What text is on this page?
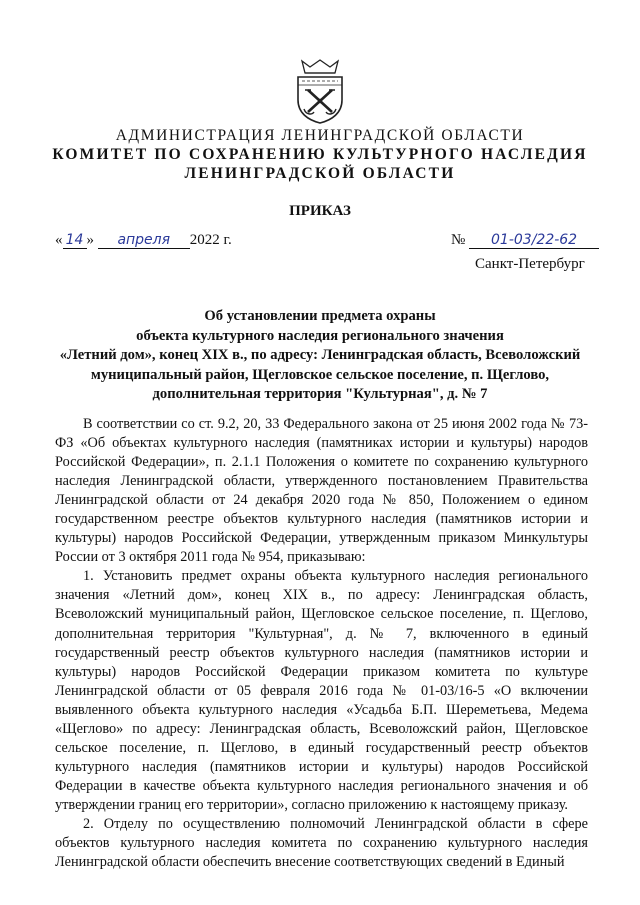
АДМИНИСТРАЦИЯ ЛЕНИНГРАДСКОЙ ОБЛАСТИ
КОМИТЕТ ПО СОХРАНЕНИЮ КУЛЬТУРНОГО НАСЛЕДИЯ
ЛЕНИНГРАДСКОЙ ОБЛАСТИ
ПРИКАЗ
« 14 » апреля 2022 г.	№ 01-03/22-62
Санкт-Петербург
Об установлении предмета охраны
объекта культурного наследия регионального значения
«Летний дом», конец XIX в., по адресу: Ленинградская область, Всеволожский
муниципальный район, Щегловское сельское поселение, п. Щеглово,
дополнительная территория "Культурная", д. № 7

В соответствии со ст. 9.2, 20, 33 Федерального закона от 25 июня 2002 года № 73-ФЗ «Об объектах культурного наследия (памятниках истории и культуры) народов Российской Федерации», п. 2.1.1 Положения о комитете по сохранению культурного наследия Ленинградской области, утвержденного постановлением Правительства Ленинградской области от 24 декабря 2020 года № 850, Положением о едином государственном реестре объектов культурного наследия (памятников истории и культуры) народов Российской Федерации, утвержденным приказом Минкультуры России от 3 октября 2011 года № 954, приказываю:

1. Установить предмет охраны объекта культурного наследия регионального значения «Летний дом», конец XIX в., по адресу: Ленинградская область, Всеволожский муниципальный район, Щегловское сельское поселение, п. Щеглово, дополнительная территория "Культурная", д. № 7, включенного в единый государственный реестр объектов культурного наследия (памятников истории и культуры) народов Российской Федерации приказом комитета по культуре Ленинградской области от 05 февраля 2016 года № 01-03/16-5 «О включении выявленного объекта культурного наследия «Усадьба Б.П. Шереметьева, Медема «Щеглово» по адресу: Ленинградская область, Всеволожский район, Щегловское сельское поселение, п. Щеглово, в единый государственный реестр объектов культурного наследия (памятников истории и культуры) народов Российской Федерации в качестве объекта культурного наследия регионального значения и об утверждении границ его территории», согласно приложению к настоящему приказу.

2. Отделу по осуществлению полномочий Ленинградской области в сфере объектов культурного наследия комитета по сохранению культурного наследия Ленинградской области обеспечить внесение соответствующих сведений в Единый
